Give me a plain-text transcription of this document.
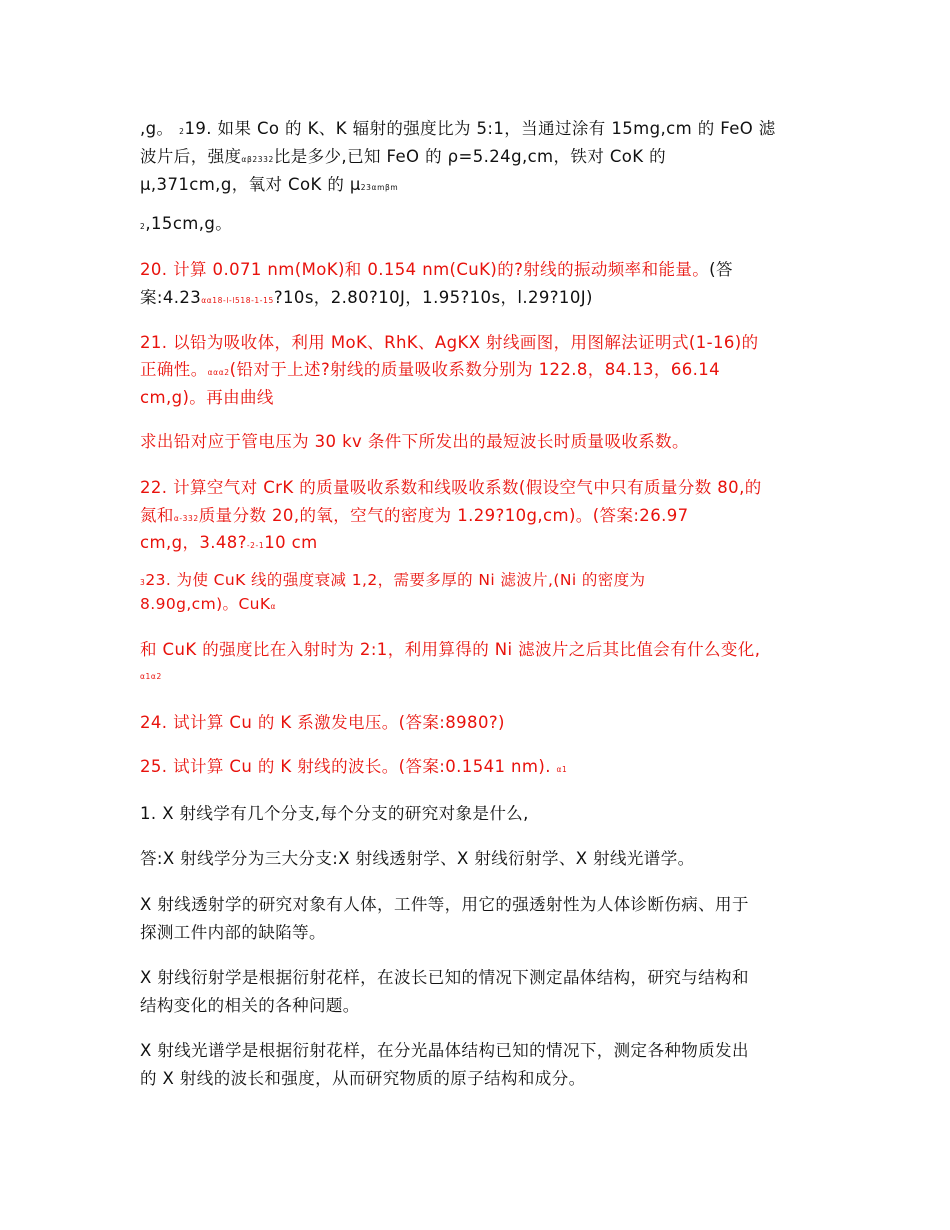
,g。 219. 如果 Co 的 K、K 辐射的强度比为 5:1，当通过涂有 15mg,cm 的 FeO 滤

波片后，强度αβ2332比是多少,已知 FeO 的 ρ=5.24g,cm，铁对 CoK 的

μ,371cm,g，氧对 CoK 的 μ23αmβm

2,15cm,g。

20. 计算 0.071 nm(MoK)和 0.154 nm(CuK)的?射线的振动频率和能量。(答

案:4.23αα18-l-l518-1-15?10s，2.80?10J，1.95?10s，l.29?10J)

21. 以铅为吸收体，利用 MoK、RhK、AgKX 射线画图，用图解法证明式(1-16)的

正确性。ααα2(铅对于上述?射线的质量吸收系数分别为 122.8，84.13，66.14

cm,g)。再由曲线

求出铅对应于管电压为 30 kv 条件下所发出的最短波长时质量吸收系数。

22. 计算空气对 CrK 的质量吸收系数和线吸收系数(假设空气中只有质量分数 80,的

氮和α-332质量分数 20,的氧，空气的密度为 1.29?10g,cm)。(答案:26.97

cm,g，3.48?-2-110 cm

323. 为使 CuK 线的强度衰减 1,2，需要多厚的 Ni 滤波片,(Ni 的密度为

8.90g,cm)。CuKα

和 CuK 的强度比在入射时为 2:1，利用算得的 Ni 滤波片之后其比值会有什么变化,

α1α2

24. 试计算 Cu 的 K 系激发电压。(答案:8980?)

25. 试计算 Cu 的 K 射线的波长。(答案:0.1541 nm). α1

1. X 射线学有几个分支,每个分支的研究对象是什么,

答:X 射线学分为三大分支:X 射线透射学、X 射线衍射学、X 射线光谱学。

X 射线透射学的研究对象有人体，工件等，用它的强透射性为人体诊断伤病、用于

探测工件内部的缺陷等。

X 射线衍射学是根据衍射花样，在波长已知的情况下测定晶体结构，研究与结构和

结构变化的相关的各种问题。

X 射线光谱学是根据衍射花样，在分光晶体结构已知的情况下，测定各种物质发出

的 X 射线的波长和强度，从而研究物质的原子结构和成分。
